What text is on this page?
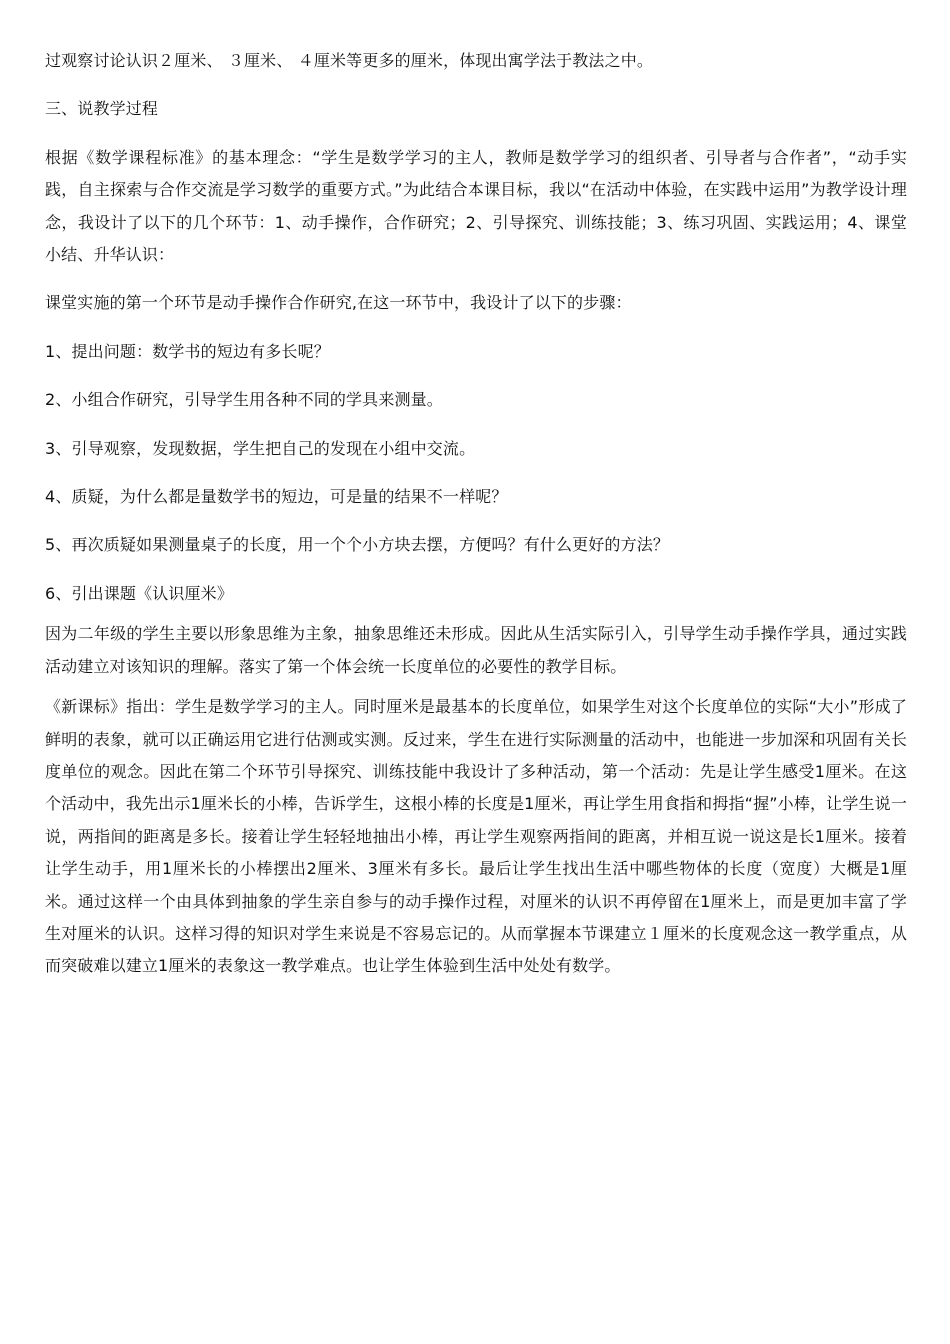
过观察讨论认识２厘米、 ３厘米、 ４厘米等更多的厘米，体现出寓学法于教法之中。

三、说教学过程

根据《数学课程标准》的基本理念：“学生是数学学习的主人，教师是数学学习的组织者、引导者与合作者”，“动手实践，自主探索与合作交流是学习数学的重要方式。”为此结合本课目标，我以“在活动中体验，在实践中运用”为教学设计理念，我设计了以下的几个环节：1、动手操作，合作研究；2、引导探究、训练技能；3、练习巩固、实践运用；4、课堂小结、升华认识：

课堂实施的第一个环节是动手操作合作研究,在这一环节中，我设计了以下的步骤：

1、提出问题：数学书的短边有多长呢？

2、小组合作研究，引导学生用各种不同的学具来测量。

3、引导观察，发现数据，学生把自己的发现在小组中交流。

4、质疑，为什么都是量数学书的短边，可是量的结果不一样呢？

5、再次质疑如果测量桌子的长度，用一个个小方块去摆，方便吗？有什么更好的方法？

6、引出课题《认识厘米》

因为二年级的学生主要以形象思维为主象，抽象思维还未形成。因此从生活实际引入，引导学生动手操作学具，通过实践活动建立对该知识的理解。落实了第一个体会统一长度单位的必要性的教学目标。

《新课标》指出：学生是数学学习的主人。同时厘米是最基本的长度单位，如果学生对这个长度单位的实际“大小”形成了鲜明的表象，就可以正确运用它进行估测或实测。反过来，学生在进行实际测量的活动中，也能进一步加深和巩固有关长度单位的观念。因此在第二个环节引导探究、训练技能中我设计了多种活动，第一个活动：先是让学生感受1厘米。在这个活动中，我先出示1厘米长的小棒，告诉学生，这根小棒的长度是1厘米，再让学生用食指和拇指“握”小棒，让学生说一说，两指间的距离是多长。接着让学生轻轻地抽出小棒，再让学生观察两指间的距离，并相互说一说这是长1厘米。接着让学生动手，用1厘米长的小棒摆出2厘米、3厘米有多长。最后让学生找出生活中哪些物体的长度（宽度）大概是1厘米。通过这样一个由具体到抽象的学生亲自参与的动手操作过程，对厘米的认识不再停留在1厘米上，而是更加丰富了学生对厘米的认识。这样习得的知识对学生来说是不容易忘记的。从而掌握本节课建立１厘米的长度观念这一教学重点，从而突破难以建立1厘米的表象这一教学难点。也让学生体验到生活中处处有数学。
